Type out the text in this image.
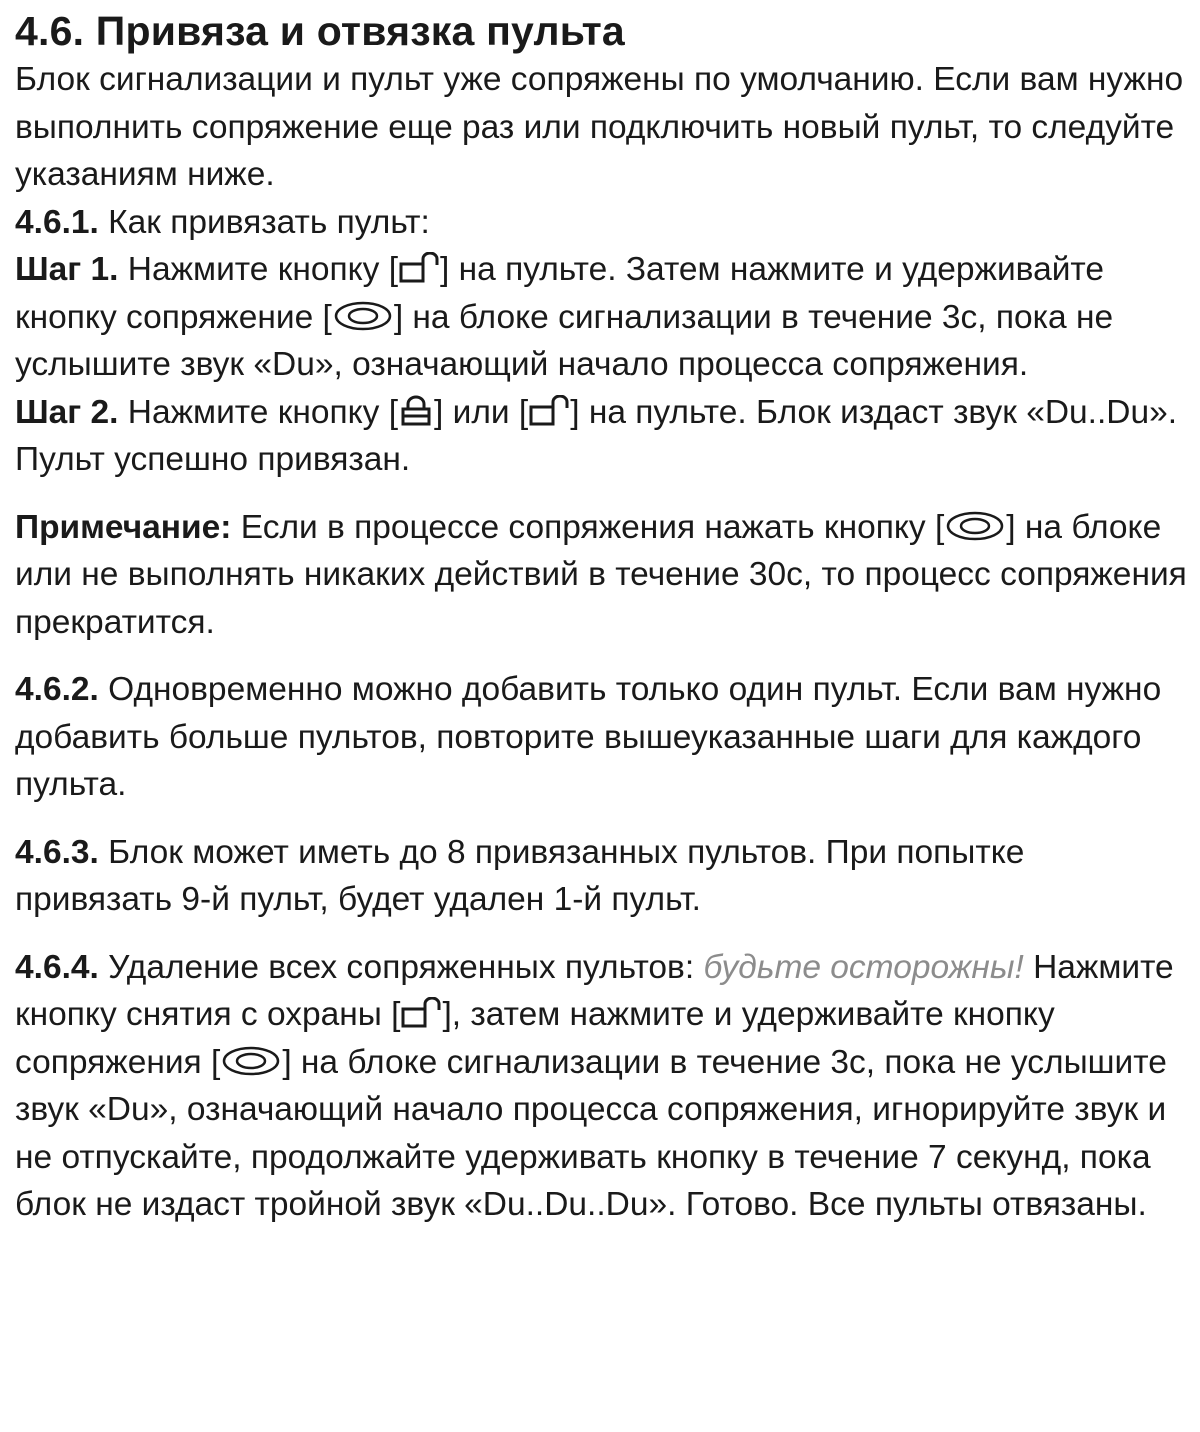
4.6. Привяза и отвязка пульта

Блок сигнализации и пульт уже сопряжены по умолчанию. Если вам нужно выполнить сопряжение еще раз или подключить новый пульт, то следуйте указаниям ниже.
4.6.1. Как привязать пульт:
Шаг 1. Нажмите кнопку [ ] на пульте. Затем нажмите и удерживайте кнопку сопряжение [ ] на блоке сигнализации в течение 3с, пока не услышите звук «Du», означающий начало процесса сопряжения.
Шаг 2. Нажмите кнопку [ ] или [ ] на пульте. Блок издаст звук «Du..Du». Пульт успешно привязан.

Примечание: Если в процессе сопряжения нажать кнопку [ ] на блоке или не выполнять никаких действий в течение 30с, то процесс сопряжения прекратится.

4.6.2. Одновременно можно добавить только один пульт. Если вам нужно добавить больше пультов, повторите вышеуказанные шаги для каждого пульта.

4.6.3. Блок может иметь до 8 привязанных пультов. При попытке привязать 9-й пульт, будет удален 1-й пульт.

4.6.4. Удаление всех сопряженных пультов: будьте осторожны! Нажмите кнопку снятия с охраны [ ], затем нажмите и удерживайте кнопку сопряжения [ ] на блоке сигнализации в течение 3с, пока не услышите звук «Du», означающий начало процесса сопряжения, игнорируйте звук и не отпускайте, продолжайте удерживать кнопку в течение 7 секунд, пока блок не издаст тройной звук «Du..Du..Du». Готово. Все пульты отвязаны.
